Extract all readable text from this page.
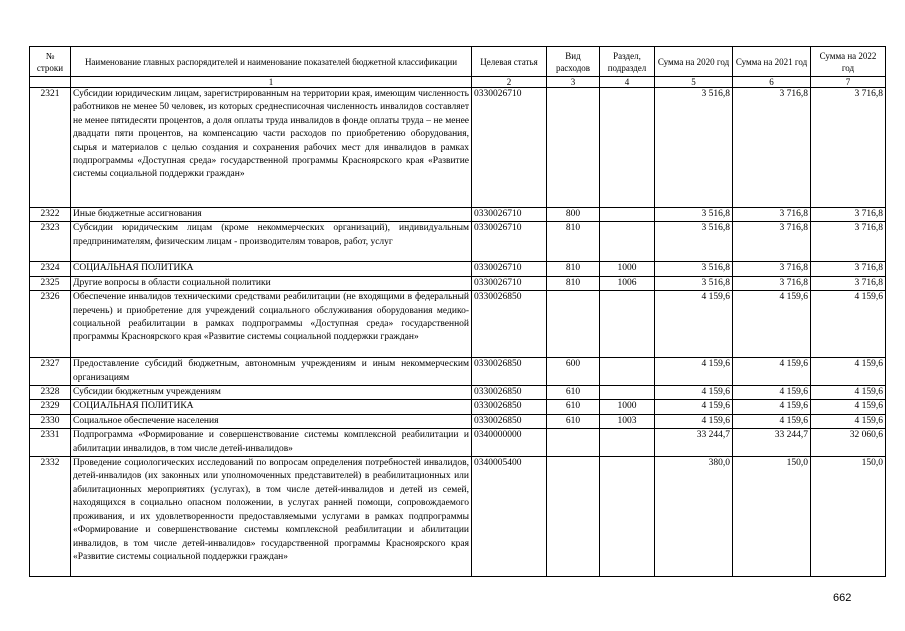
№ строки	Наименование главных распорядителей и наименование показателей бюджетной классификации	Целевая статья	Вид расходов	Раздел, подраздел	Сумма на 2020 год	Сумма на 2021 год	Сумма на 2022 год
	1	2	3	4	5	6	7
2321	Субсидии юридическим лицам, зарегистрированным на территории края, имеющим численность работников не менее 50 человек, из которых среднесписочная численность инвалидов составляет не менее пятидесяти процентов, а доля оплаты труда инвалидов в фонде оплаты труда – не менее двадцати пяти процентов, на компенсацию части расходов по приобретению оборудования, сырья и материалов с целью создания и сохранения рабочих мест для инвалидов в рамках подпрограммы «Доступная среда» государственной программы Красноярского края «Развитие системы социальной поддержки граждан»	0330026710			3 516,8	3 716,8	3 716,8
2322	Иные бюджетные ассигнования	0330026710	800		3 516,8	3 716,8	3 716,8
2323	Субсидии юридическим лицам (кроме некоммерческих организаций), индивидуальным предпринимателям, физическим лицам - производителям товаров, работ, услуг	0330026710	810		3 516,8	3 716,8	3 716,8
2324	СОЦИАЛЬНАЯ ПОЛИТИКА	0330026710	810	1000	3 516,8	3 716,8	3 716,8
2325	Другие вопросы в области социальной политики	0330026710	810	1006	3 516,8	3 716,8	3 716,8
2326	Обеспечение инвалидов техническими средствами реабилитации (не входящими в федеральный перечень) и приобретение для учреждений социального обслуживания оборудования медико-социальной реабилитации в рамках подпрограммы «Доступная среда» государственной программы Красноярского края «Развитие системы социальной поддержки граждан»	0330026850			4 159,6	4 159,6	4 159,6
2327	Предоставление субсидий бюджетным, автономным учреждениям и иным некоммерческим организациям	0330026850	600		4 159,6	4 159,6	4 159,6
2328	Субсидии бюджетным учреждениям	0330026850	610		4 159,6	4 159,6	4 159,6
2329	СОЦИАЛЬНАЯ ПОЛИТИКА	0330026850	610	1000	4 159,6	4 159,6	4 159,6
2330	Социальное обеспечение населения	0330026850	610	1003	4 159,6	4 159,6	4 159,6
2331	Подпрограмма «Формирование и совершенствование системы комплексной реабилитации и абилитации инвалидов, в том числе детей-инвалидов»	0340000000			33 244,7	33 244,7	32 060,6
2332	Проведение социологических исследований по вопросам определения потребностей инвалидов, детей-инвалидов (их законных или уполномоченных представителей) в реабилитационных или абилитационных мероприятиях (услугах), в том числе детей-инвалидов и детей из семей, находящихся в социально опасном положении, в услугах ранней помощи, сопровождаемого проживания, и их удовлетворенности предоставляемыми услугами в рамках подпрограммы «Формирование и совершенствование системы комплексной реабилитации и абилитации инвалидов, в том числе детей-инвалидов» государственной программы Красноярского края «Развитие системы социальной поддержки граждан»	0340005400			380,0	150,0	150,0
662
